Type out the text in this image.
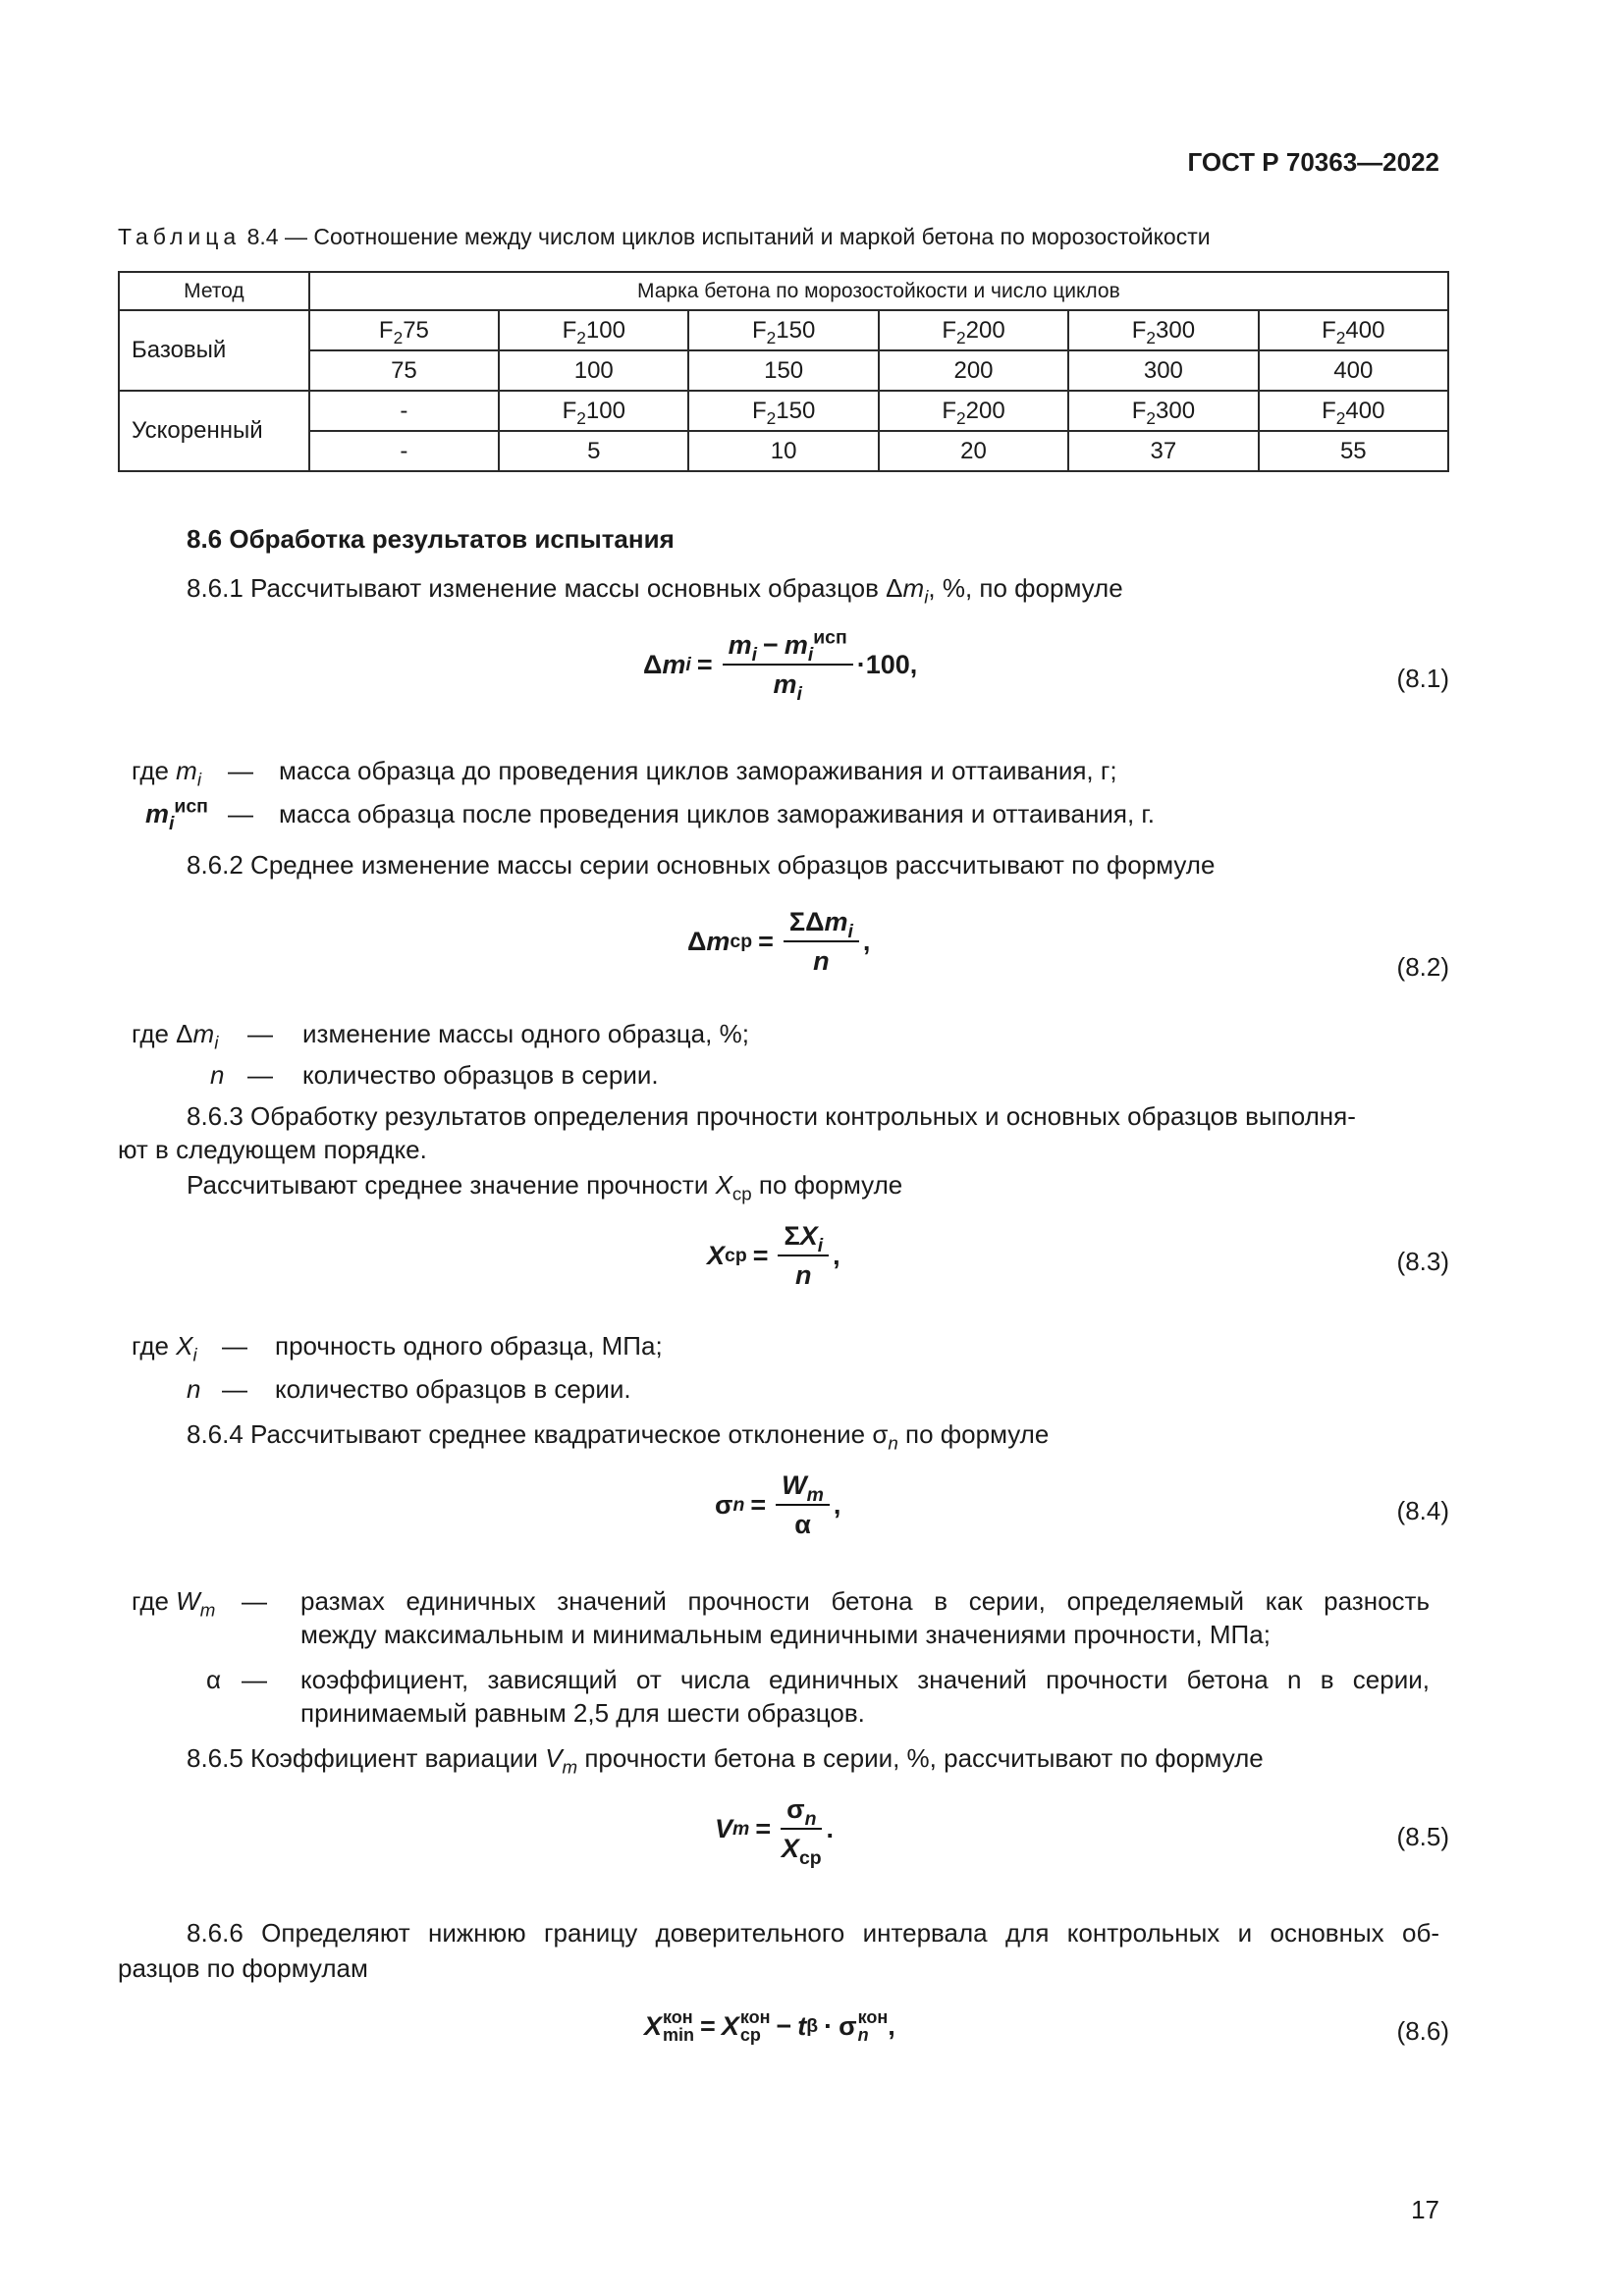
ГОСТ Р 70363—2022
Таблица 8.4 — Соотношение между числом циклов испытаний и маркой бетона по морозостойкости
Метод	Марка бетона по морозостойкости и число циклов					
Базовый	$F_275$	$F_2100$	$F_2150$	$F_2200$	$F_2300$	$F_2400$
	75	100	150	200	300	400
Ускоренный	-	$F_2100$	$F_2150$	$F_2200$	$F_2300$	$F_2400$
	-	5	10	20	37	55
8.6 Обработка результатов испытания
8.6.1 Рассчитывают изменение массы основных образцов $\Delta m_i$, %, по формуле
Δ m $i = \frac{m_i - m_i^{исп}}{m_i} \cdot 100$,	(8.1)
где $m_i$ — масса образца до проведения циклов замораживания и оттаивания, г;
$m_i^{исп}$ — масса образца после проведения циклов замораживания и оттаивания, г.
8.6.2 Среднее изменение массы серии основных образцов рассчитывают по формуле
Δ m ср = $\frac{\Sigma\Delta m_i}{n}$ ,
(8.2)
где $\Delta m_i$ — изменение массы одного образца, %;
n — количество образцов в серии.
8.6.3 Обработку результатов определения прочности контрольных и основных образцов выполня-
ют в следующем порядке.
Рассчитывают среднее значение прочности $X_{ср}$ по формуле
X ср = $\frac{\Sigma X_i}{n}$ ,	(8.3)
где $X_i$ — прочность одного образца, МПа;
n — количество образцов в серии.
8.6.4 Рассчитывают среднее квадратическое отклонение $\sigma_n$ по формуле
σ $n = \frac{W_m}{\alpha}$ ,	(8.4)
где $W_m$ — размах единичных значений прочности бетона в серии, определяемый как разность
между максимальным и минимальным единичными значениями прочности, МПа;
α — коэффициент, зависящий от числа единичных значений прочности бетона n в серии,
принимаемый равным 2,5 для шести образцов.
8.6.5 Коэффициент вариации $V_m$ прочности бетона в серии, %, рассчитывают по формуле
V $m = \frac{\sigma_n}{X_{ср}}$ .	(8.5)
8.6.6 Определяют нижнюю границу доверительного интервала для контрольных и основных об-
разцов по формулам
X кон
min = X кон
ср − t β · σ кон
n ,	(8.6)
17
